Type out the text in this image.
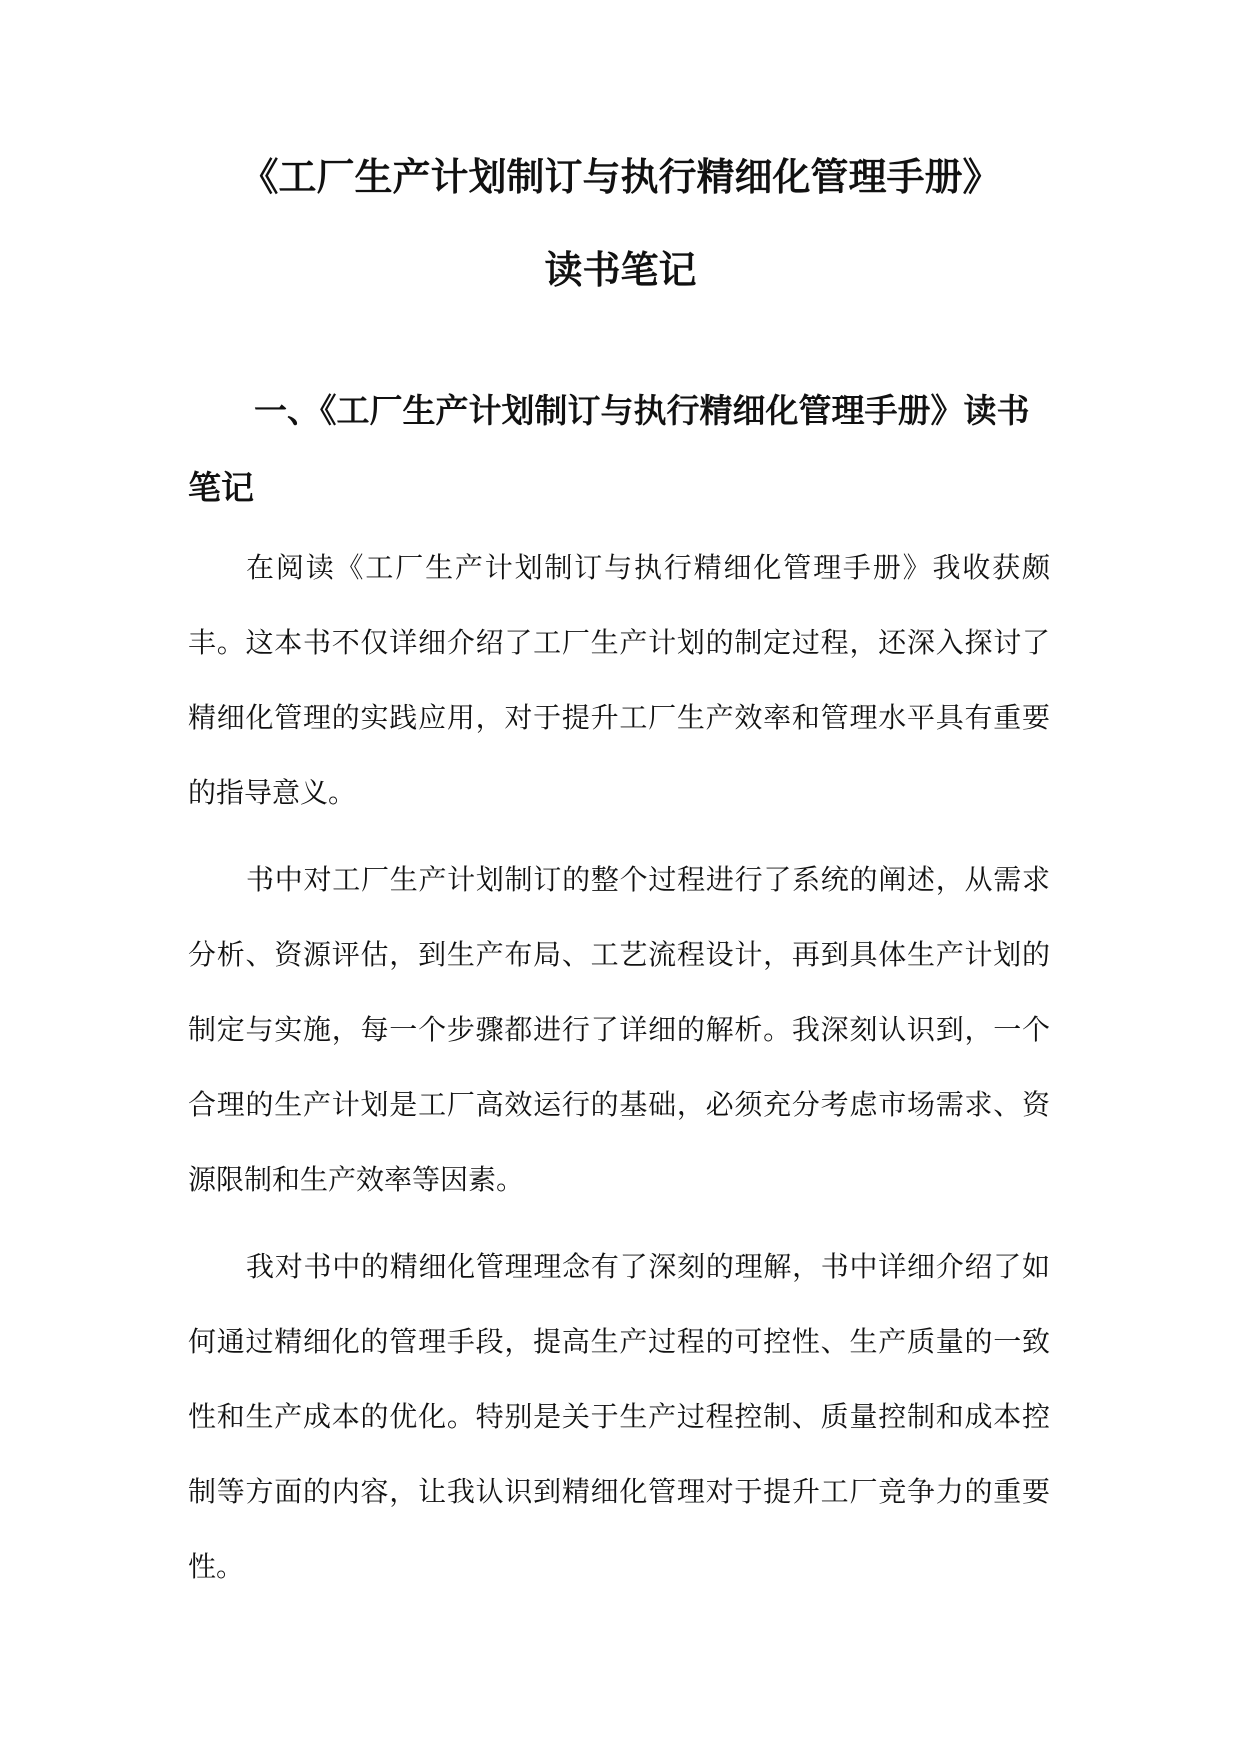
《工厂生产计划制订与执行精细化管理手册》
读书笔记
一、《工厂生产计划制订与执行精细化管理手册》读书笔记

在阅读《工厂生产计划制订与执行精细化管理手册》我收获颇丰。这本书不仅详细介绍了工厂生产计划的制定过程，还深入探讨了精细化管理的实践应用，对于提升工厂生产效率和管理水平具有重要的指导意义。

书中对工厂生产计划制订的整个过程进行了系统的阐述，从需求分析、资源评估，到生产布局、工艺流程设计，再到具体生产计划的制定与实施，每一个步骤都进行了详细的解析。我深刻认识到，一个合理的生产计划是工厂高效运行的基础，必须充分考虑市场需求、资源限制和生产效率等因素。

我对书中的精细化管理理念有了深刻的理解，书中详细介绍了如何通过精细化的管理手段，提高生产过程的可控性、生产质量的一致性和生产成本的优化。特别是关于生产过程控制、质量控制和成本控制等方面的内容，让我认识到精细化管理对于提升工厂竞争力的重要性。
